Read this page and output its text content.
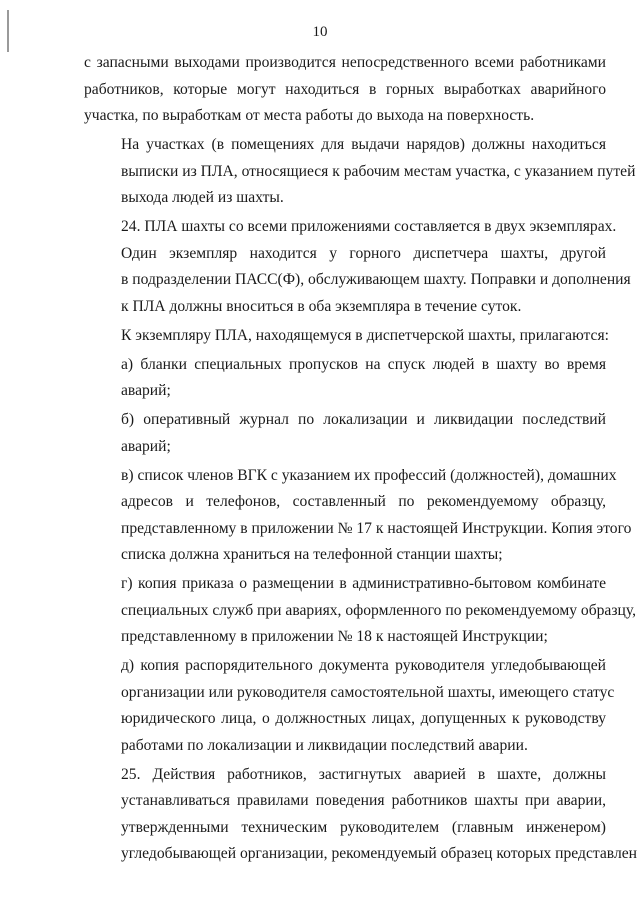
10
с запасными выходами производится непосредственного всеми работниками
работников, которые могут находиться в горных выработках аварийного
участка, по выработкам от места работы до выхода на поверхность.
На участках (в помещениях для выдачи нарядов) должны находиться
выписки из ПЛА, относящиеся к рабочим местам участка, с указанием путей
выхода людей из шахты.
24. ПЛА шахты со всеми приложениями составляется в двух экземплярах.
Один экземпляр находится у горного диспетчера шахты, другой
в подразделении ПАСС(Ф), обслуживающем шахту. Поправки и дополнения
к ПЛА должны вноситься в оба экземпляра в течение суток.
К экземпляру ПЛА, находящемуся в диспетчерской шахты, прилагаются:
а) бланки специальных пропусков на спуск людей в шахту во время
аварий;
б) оперативный журнал по локализации и ликвидации последствий
аварий;
в) список членов ВГК с указанием их профессий (должностей), домашних
адресов и телефонов, составленный по рекомендуемому образцу,
представленному в приложении № 17 к настоящей Инструкции. Копия этого
списка должна храниться на телефонной станции шахты;
г) копия приказа о размещении в административно-бытовом комбинате
специальных служб при авариях, оформленного по рекомендуемому образцу,
представленному в приложении № 18 к настоящей Инструкции;
д) копия распорядительного документа руководителя угледобывающей
организации или руководителя самостоятельной шахты, имеющего статус
юридического лица, о должностных лицах, допущенных к руководству
работами по локализации и ликвидации последствий аварии.
25. Действия работников, застигнутых аварией в шахте, должны
устанавливаться правилами поведения работников шахты при аварии,
утвержденными техническим руководителем (главным инженером)
угледобывающей организации, рекомендуемый образец которых представлен
